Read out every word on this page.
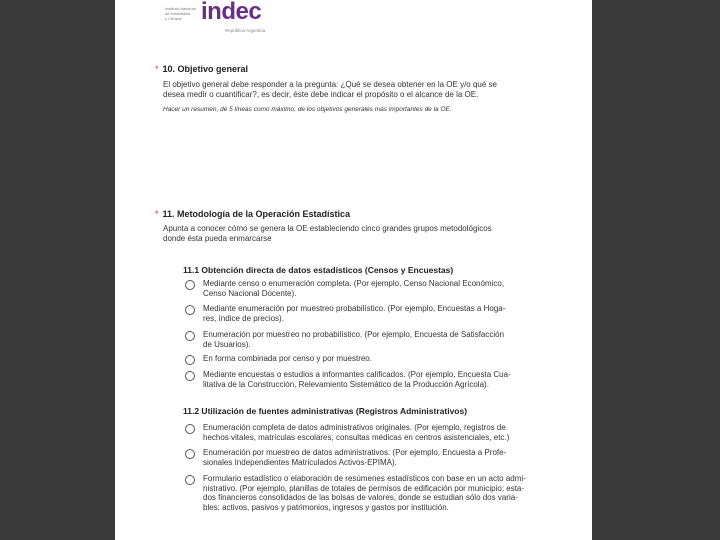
Instituto Nacional
de Estadística
y Censos indec
República Argentina
* 10. Objetivo general
El objetivo general debe responder a la pregunta: ¿Qué se desea obtener en la OE y/o qué se
desea medir o cuantificar?, es decir, éste debe indicar el propósito o el alcance de la OE.
Hacer un resumen, de 5 líneas como máximo, de los objetivos generales más importantes de la OE.
* 11. Metodología de la Operación Estadística
Apunta a conocer cómo se genera la OE estableciendo cinco grandes grupos metodológicos
donde ésta pueda enmarcarse
11.1 Obtención directa de datos estadísticos (Censos y Encuestas)
Mediante censo o enumeración completa. (Por ejemplo, Censo Nacional Económico,
Censo Nacional Docente).
Mediante enumeración por muestreo probabilístico. (Por ejemplo, Encuestas a Hoga-
res, índice de precios).
Enumeración por muestreo no probabilístico. (Por ejemplo, Encuesta de Satisfacción
de Usuarios).
En forma combinada por censo y por muestreo.
Mediante encuestas o estudios a informantes calificados. (Por ejemplo, Encuesta Cua-
litativa de la Construcción, Relevamiento Sistemático de la Producción Agrícola).
11.2 Utilización de fuentes administrativas (Registros Administrativos)
Enumeración completa de datos administrativos originales. (Por ejemplo, registros de
hechos vitales, matrículas escolares, consultas médicas en centros asistenciales, etc.)
Enumeración por muestreo de datos administrativos. (Por ejemplo, Encuesta a Profe-
sionales Independientes Matriculados Activos-EPIMA).
Formulario estadístico o elaboración de resúmenes estadísticos con base en un acto admi-
nistrativo. (Por ejemplo, planillas de totales de permisos de edificación por municipio; esta-
dos financieros consolidados de las bolsas de valores, donde se estudian sólo dos varia-
bles: activos, pasivos y patrimonios, ingresos y gastos por institución.
